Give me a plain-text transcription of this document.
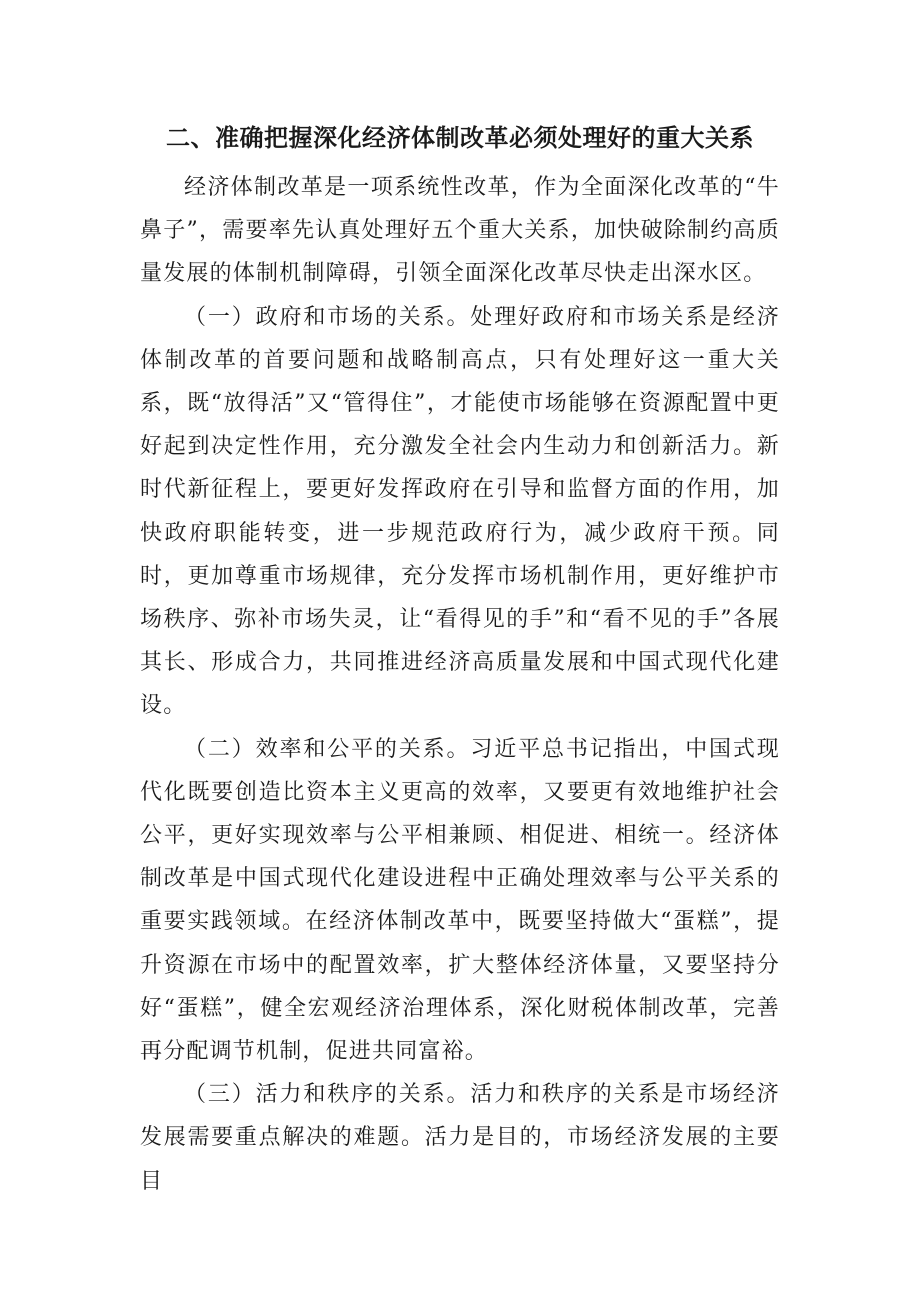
二、准确把握深化经济体制改革必须处理好的重大关系

经济体制改革是一项系统性改革，作为全面深化改革的“牛鼻子”，需要率先认真处理好五个重大关系，加快破除制约高质量发展的体制机制障碍，引领全面深化改革尽快走出深水区。

（一）政府和市场的关系。处理好政府和市场关系是经济体制改革的首要问题和战略制高点，只有处理好这一重大关系，既“放得活”又“管得住”，才能使市场能够在资源配置中更好起到决定性作用，充分激发全社会内生动力和创新活力。新时代新征程上，要更好发挥政府在引导和监督方面的作用，加快政府职能转变，进一步规范政府行为，减少政府干预。同时，更加尊重市场规律，充分发挥市场机制作用，更好维护市场秩序、弥补市场失灵，让“看得见的手”和“看不见的手”各展其长、形成合力，共同推进经济高质量发展和中国式现代化建设。

（二）效率和公平的关系。习近平总书记指出，中国式现代化既要创造比资本主义更高的效率，又要更有效地维护社会公平，更好实现效率与公平相兼顾、相促进、相统一。经济体制改革是中国式现代化建设进程中正确处理效率与公平关系的重要实践领域。在经济体制改革中，既要坚持做大“蛋糕”，提升资源在市场中的配置效率，扩大整体经济体量，又要坚持分好“蛋糕”，健全宏观经济治理体系，深化财税体制改革，完善再分配调节机制，促进共同富裕。

（三）活力和秩序的关系。活力和秩序的关系是市场经济发展需要重点解决的难题。活力是目的，市场经济发展的主要目
